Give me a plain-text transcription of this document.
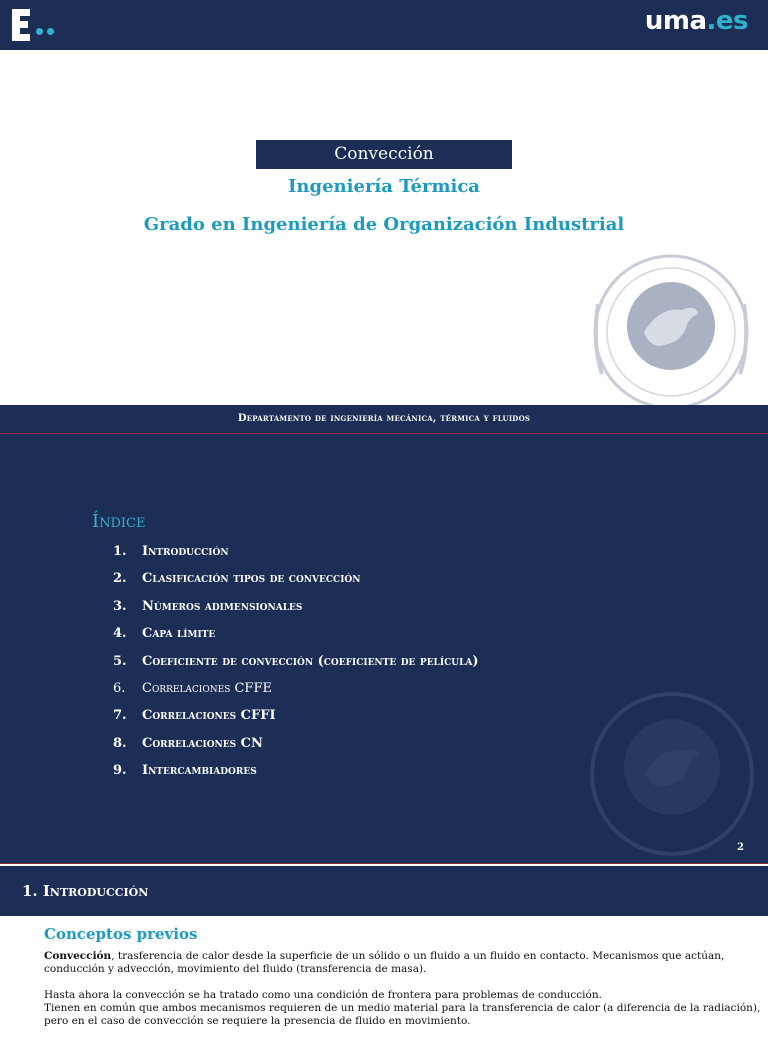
uma.es
Convección
Ingeniería Térmica
Grado en Ingeniería de Organización Industrial
Departamento de ingeniería mecánica, térmica y fluidos
Índice
1. Introducción
2. Clasificación tipos de convección
3. Números adimensionales
4. Capa límite
5. Coeficiente de convección (coeficiente de película)
6. Correlaciones CFFE
7. Correlaciones CFFI
8. Correlaciones CN
9. Intercambiadores
2
1. Introducción
Conceptos previos

Convección, trasferencia de calor desde la superficie de un sólido o un fluido a un fluido en contacto. Mecanismos que actúan, conducción y advección, movimiento del fluido (transferencia de masa).

Hasta ahora la convección se ha tratado como una condición de frontera para problemas de conducción.

Tienen en común que ambos mecanismos requieren de un medio material para la transferencia de calor (a diferencia de la radiación), pero en el caso de convección se requiere la presencia de fluido en movimiento.
